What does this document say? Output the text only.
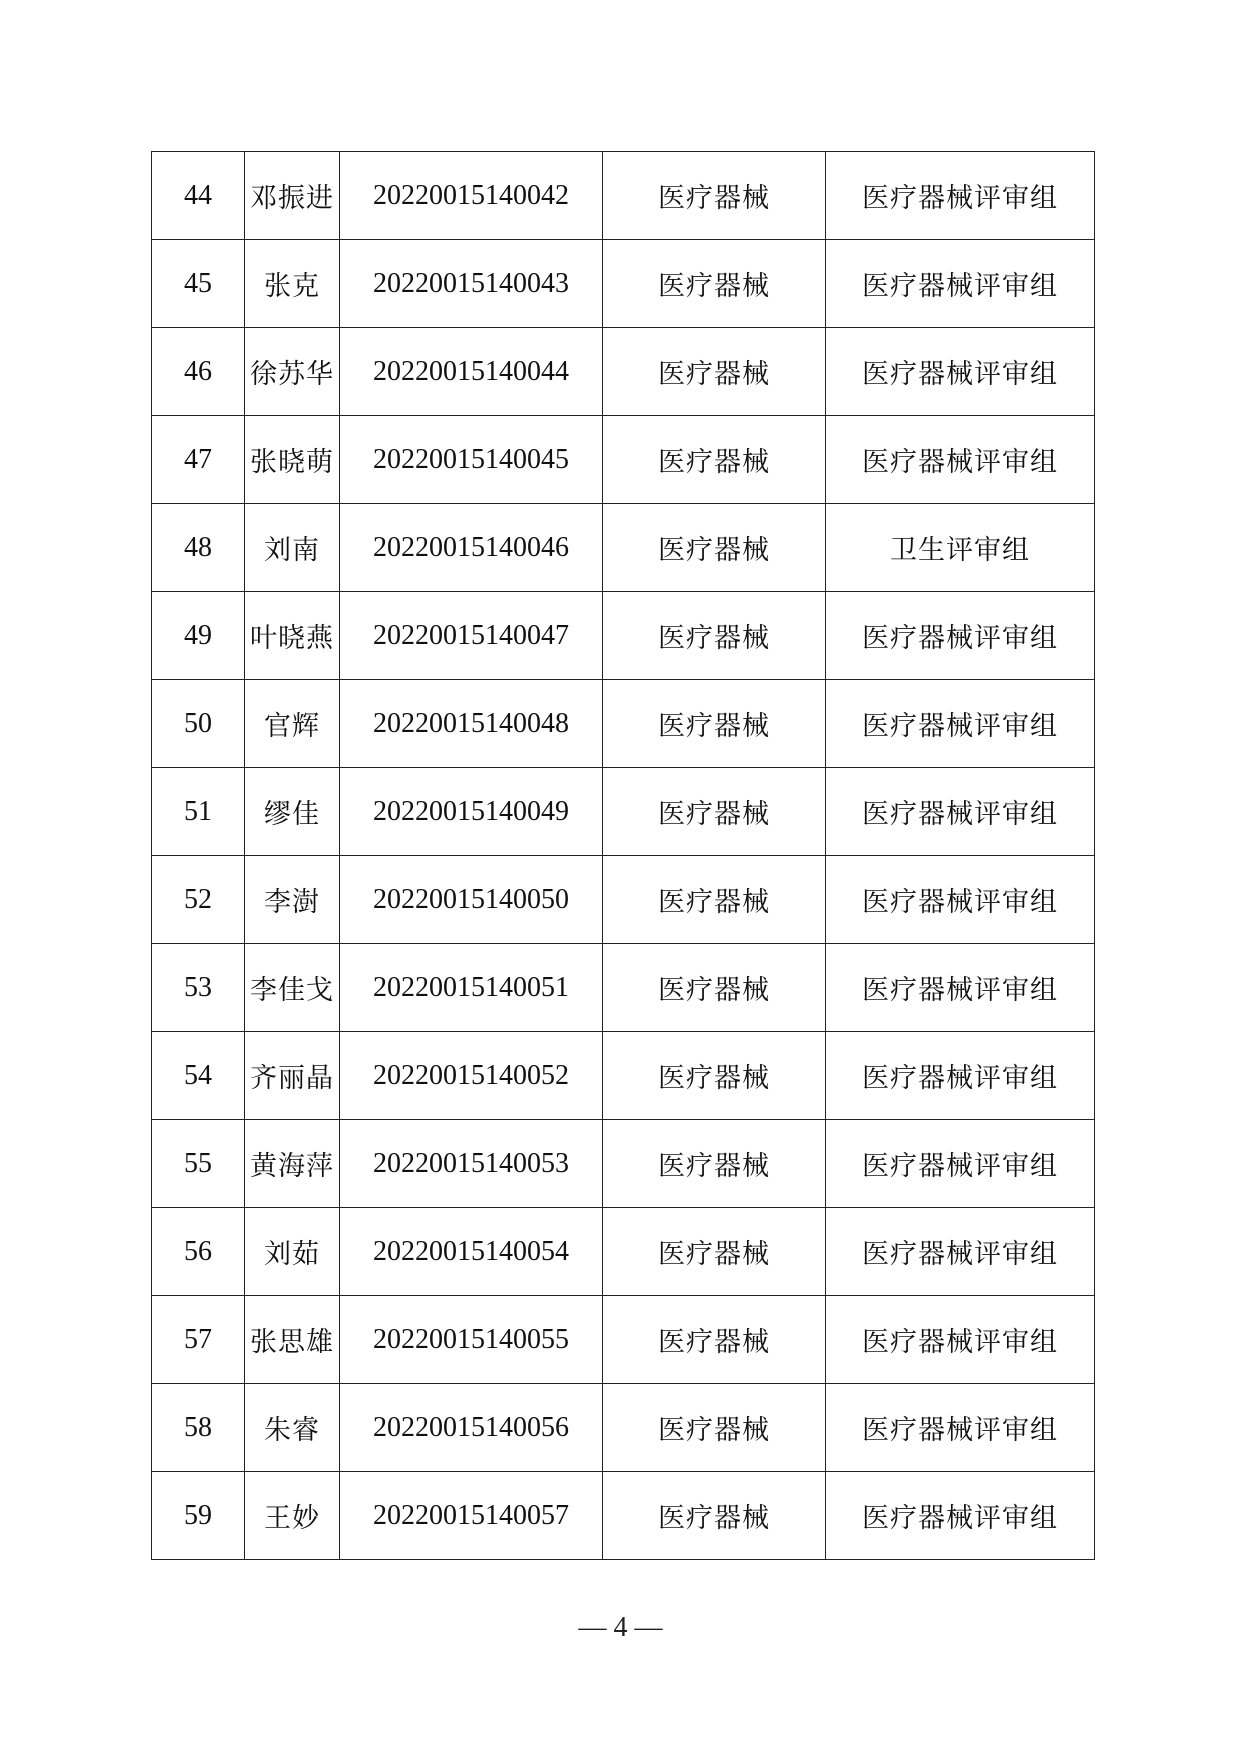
44	邓振进	20220015140042	医疗器械	医疗器械评审组
45	张克	20220015140043	医疗器械	医疗器械评审组
46	徐苏华	20220015140044	医疗器械	医疗器械评审组
47	张晓萌	20220015140045	医疗器械	医疗器械评审组
48	刘南	20220015140046	医疗器械	卫生评审组
49	叶晓燕	20220015140047	医疗器械	医疗器械评审组
50	官辉	20220015140048	医疗器械	医疗器械评审组
51	缪佳	20220015140049	医疗器械	医疗器械评审组
52	李澍	20220015140050	医疗器械	医疗器械评审组
53	李佳戈	20220015140051	医疗器械	医疗器械评审组
54	齐丽晶	20220015140052	医疗器械	医疗器械评审组
55	黄海萍	20220015140053	医疗器械	医疗器械评审组
56	刘茹	20220015140054	医疗器械	医疗器械评审组
57	张思雄	20220015140055	医疗器械	医疗器械评审组
58	朱睿	20220015140056	医疗器械	医疗器械评审组
59	王妙	20220015140057	医疗器械	医疗器械评审组
— 4 —
